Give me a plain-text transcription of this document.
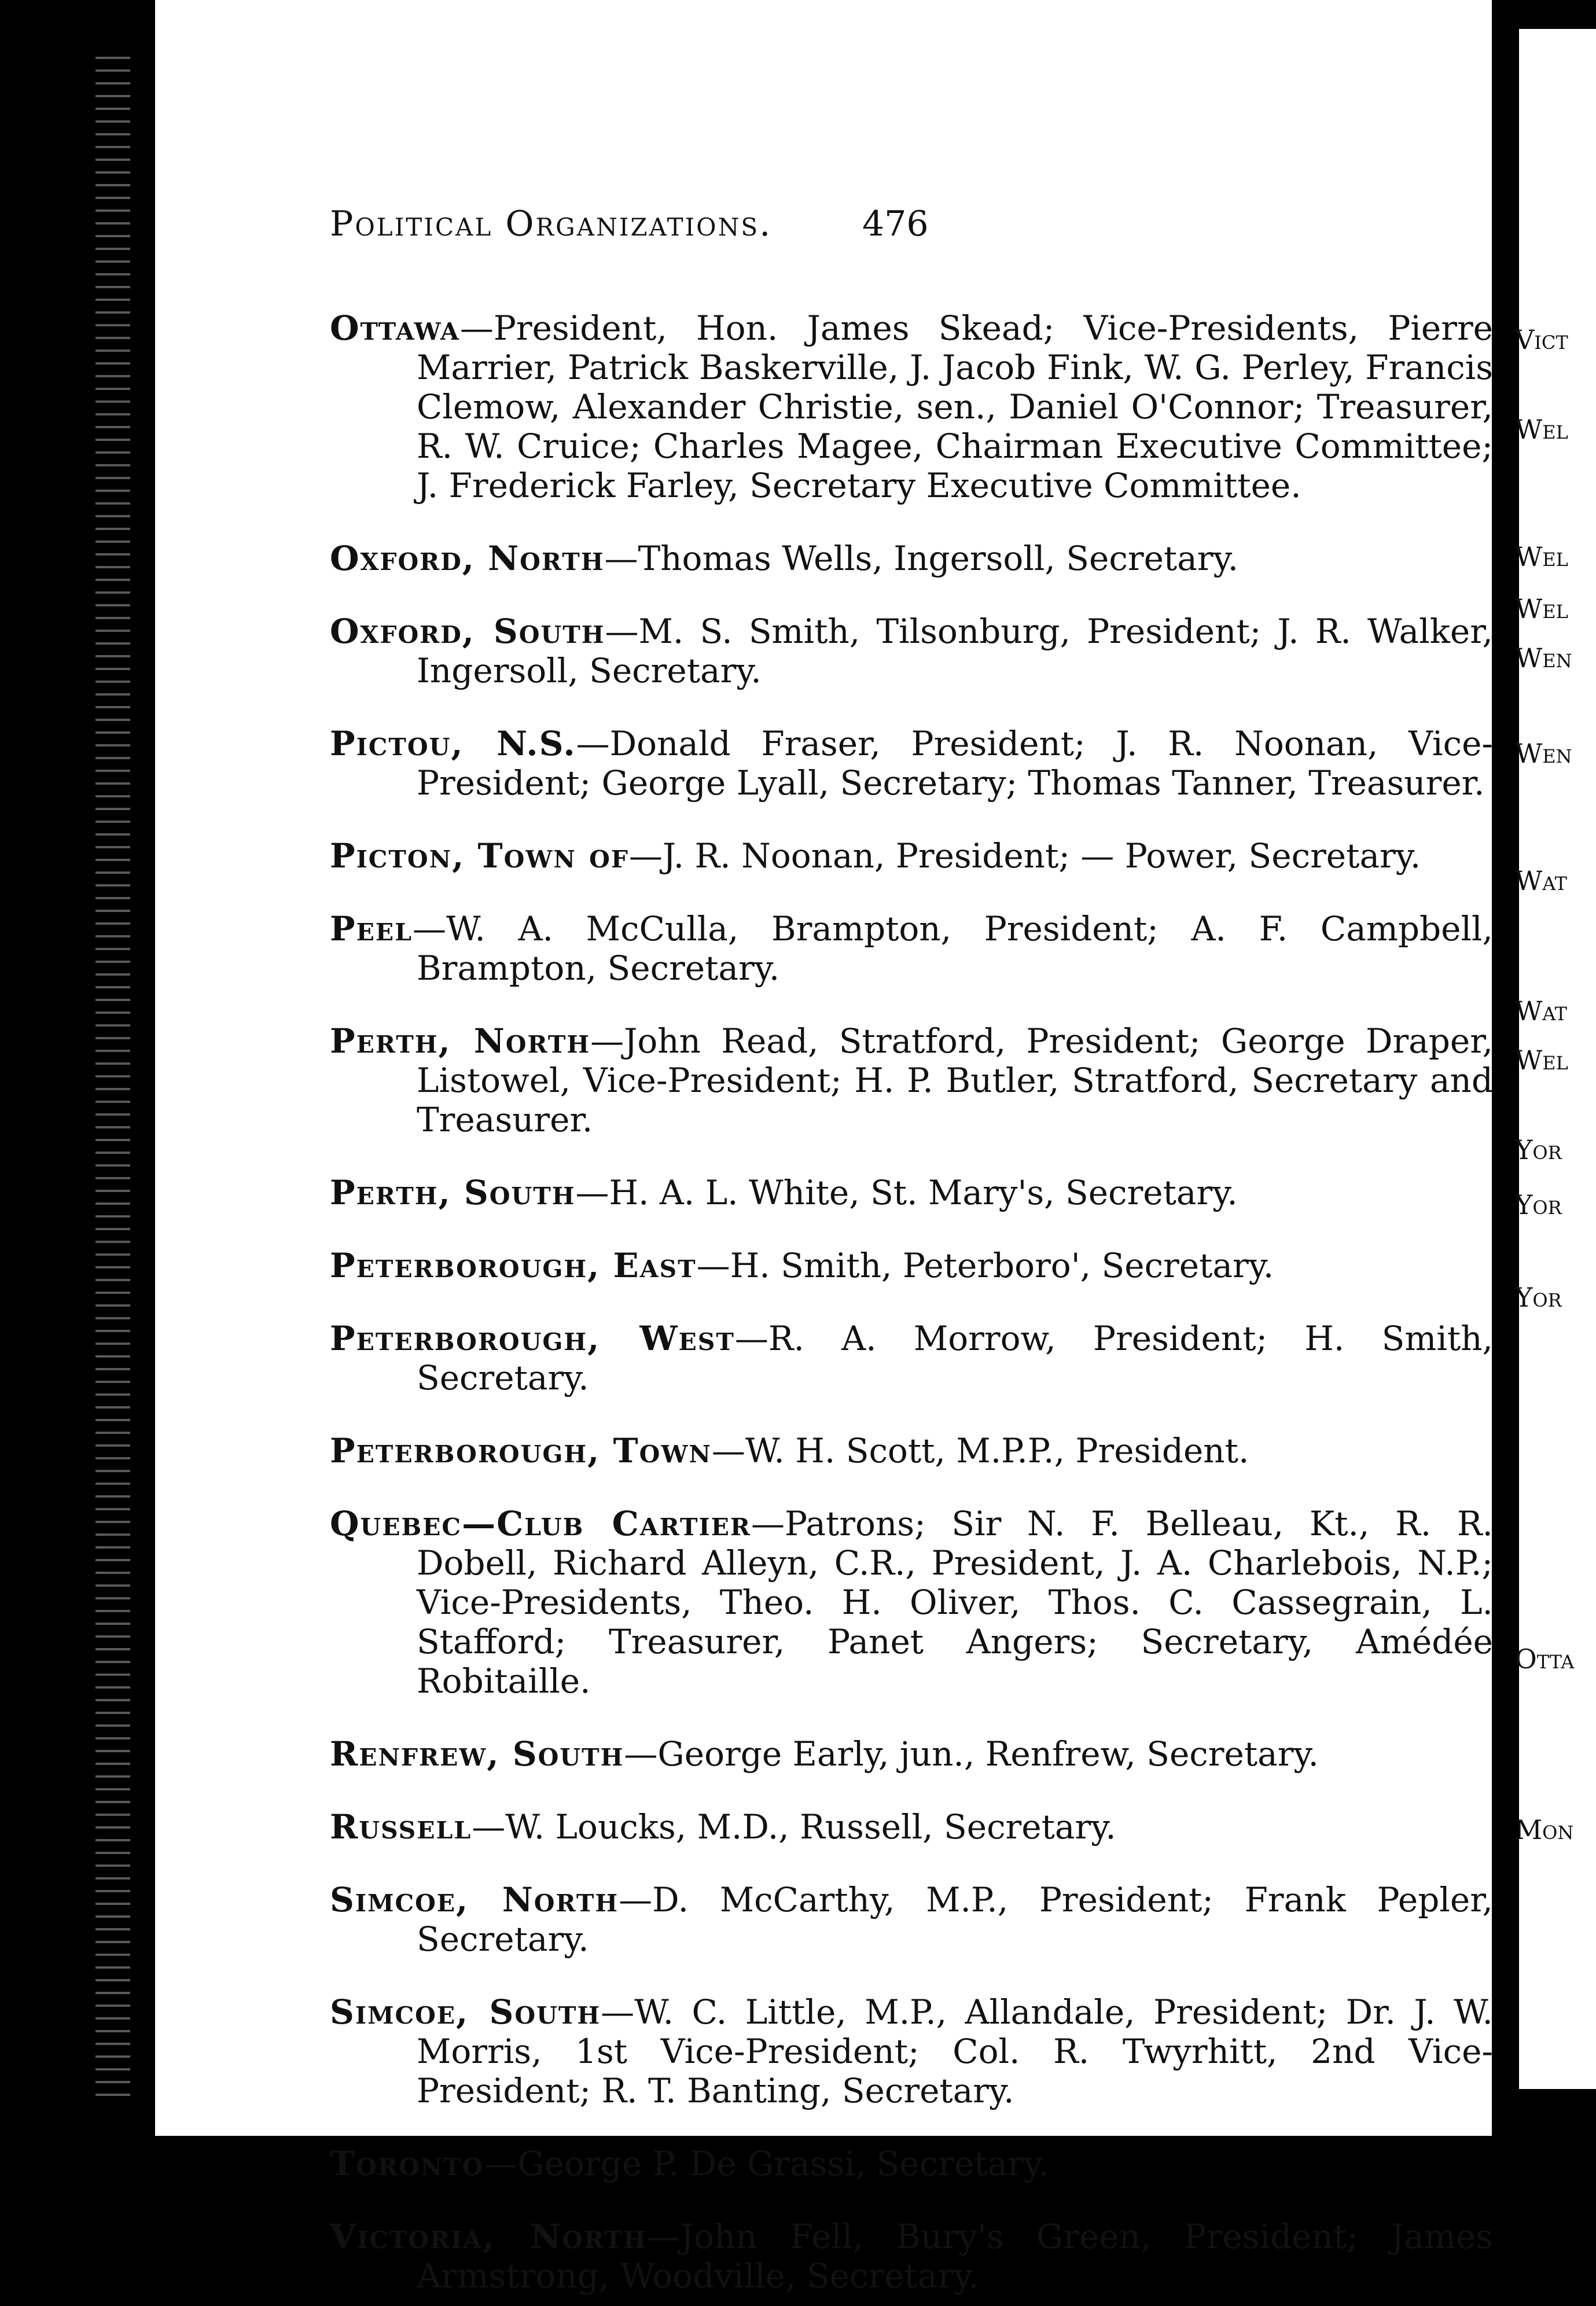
Political Organizations.	476

Ottawa—President, Hon. James Skead; Vice-Presidents, Pierre Marrier, Patrick Baskerville, J. Jacob Fink, W. G. Perley, Francis Clemow, Alexander Christie, sen., Daniel O'Connor; Treasurer, R. W. Cruice; Charles Magee, Chairman Executive Committee; J. Frederick Farley, Secretary Executive Committee.

Oxford, North—Thomas Wells, Ingersoll, Secretary.

Oxford, South—M. S. Smith, Tilsonburg, President; J. R. Walker, Ingersoll, Secretary.

Pictou, N.S.—Donald Fraser, President; J. R. Noonan, Vice-President; George Lyall, Secretary; Thomas Tanner, Treasurer.

Picton, Town of—J. R. Noonan, President; — Power, Secretary.

Peel—W. A. McCulla, Brampton, President; A. F. Campbell, Brampton, Secretary.

Perth, North—John Read, Stratford, President; George Draper, Listowel, Vice-President; H. P. Butler, Stratford, Secretary and Treasurer.

Perth, South—H. A. L. White, St. Mary's, Secretary.

Peterborough, East—H. Smith, Peterboro', Secretary.

Peterborough, West—R. A. Morrow, President; H. Smith, Secretary.

Peterborough, Town—W. H. Scott, M.P.P., President.

Quebec—Club Cartier—Patrons; Sir N. F. Belleau, Kt., R. R. Dobell, Richard Alleyn, C.R., President, J. A. Charlebois, N.P.; Vice-Presidents, Theo. H. Oliver, Thos. C. Cassegrain, L. Stafford; Treasurer, Panet Angers; Secretary, Amédée Robitaille.

Renfrew, South—George Early, jun., Renfrew, Secretary.

Russell—W. Loucks, M.D., Russell, Secretary.

Simcoe, North—D. McCarthy, M.P., President; Frank Pepler, Secretary.

Simcoe, South—W. C. Little, M.P., Allandale, President; Dr. J. W. Morris, 1st Vice-President; Col. R. Twyrhitt, 2nd Vice-President; R. T. Banting, Secretary.

Toronto—George P. De Grassi, Secretary.

Victoria, North—John Fell, Bury's Green, President; James Armstrong, Woodville, Secretary.

Vict
Wel
Wel
Wel
Wen
Wen
Wat
Wat
Wel
Yor
Yor
Yor
Otta
Mon
